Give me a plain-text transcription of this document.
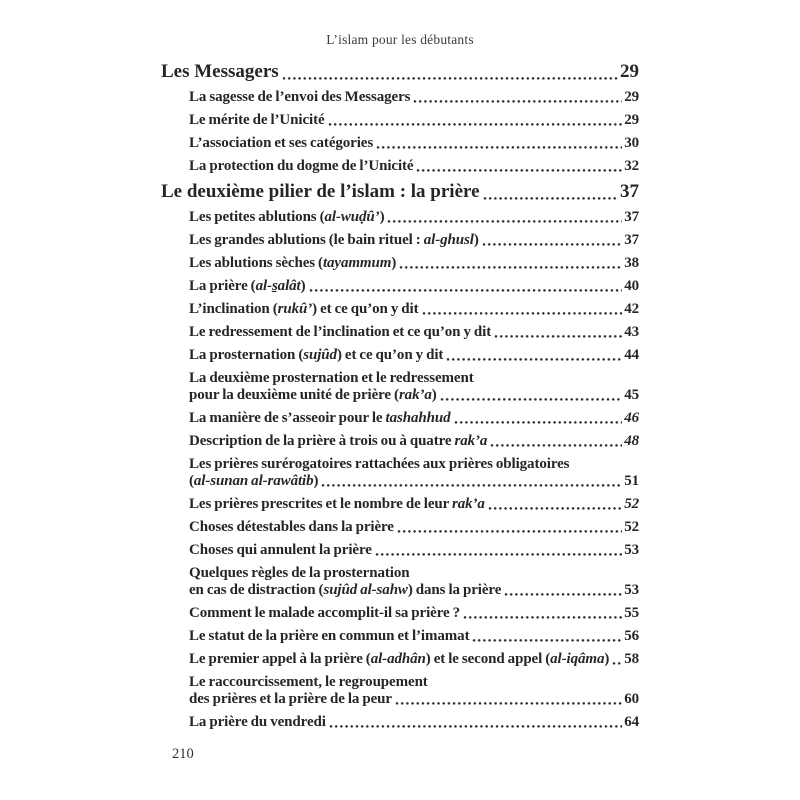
L’islam pour les débutants
Les Messagers	29
La sagesse de l’envoi des Messagers	29
Le mérite de l’Unicité	29
L’association et ses catégories	30
La protection du dogme de l’Unicité	32
Le deuxième pilier de l’islam : la prière	37
Les petites ablutions (al-wuḍû’)	37
Les grandes ablutions (le bain rituel : al-ghusl)	37
Les ablutions sèches (tayammum)	38
La prière (al-s̱alât)	40
L’inclination (rukû’) et ce qu’on y dit	42
Le redressement de l’inclination et ce qu’on y dit	43
La prosternation (sujûd) et ce qu’on y dit	44
La deuxième prosternation et le redressement
pour la deuxième unité de prière (rak’a)	45
La manière de s’asseoir pour le tashahhud	46
Description de la prière à trois ou à quatre rak’a	48
Les prières surérogatoires rattachées aux prières obligatoires
(al-sunan al-rawâtib)	51
Les prières prescrites et le nombre de leur rak’a	52
Choses détestables dans la prière	52
Choses qui annulent la prière	53
Quelques règles de la prosternation
en cas de distraction (sujûd al-sahw) dans la prière	53
Comment le malade accomplit-il sa prière ?	55
Le statut de la prière en commun et l’imamat	56
Le premier appel à la prière (al-adhân) et le second appel (al-iqâma) 58
Le raccourcissement, le regroupement
des prières et la prière de la peur	60
La prière du vendredi	64
210
